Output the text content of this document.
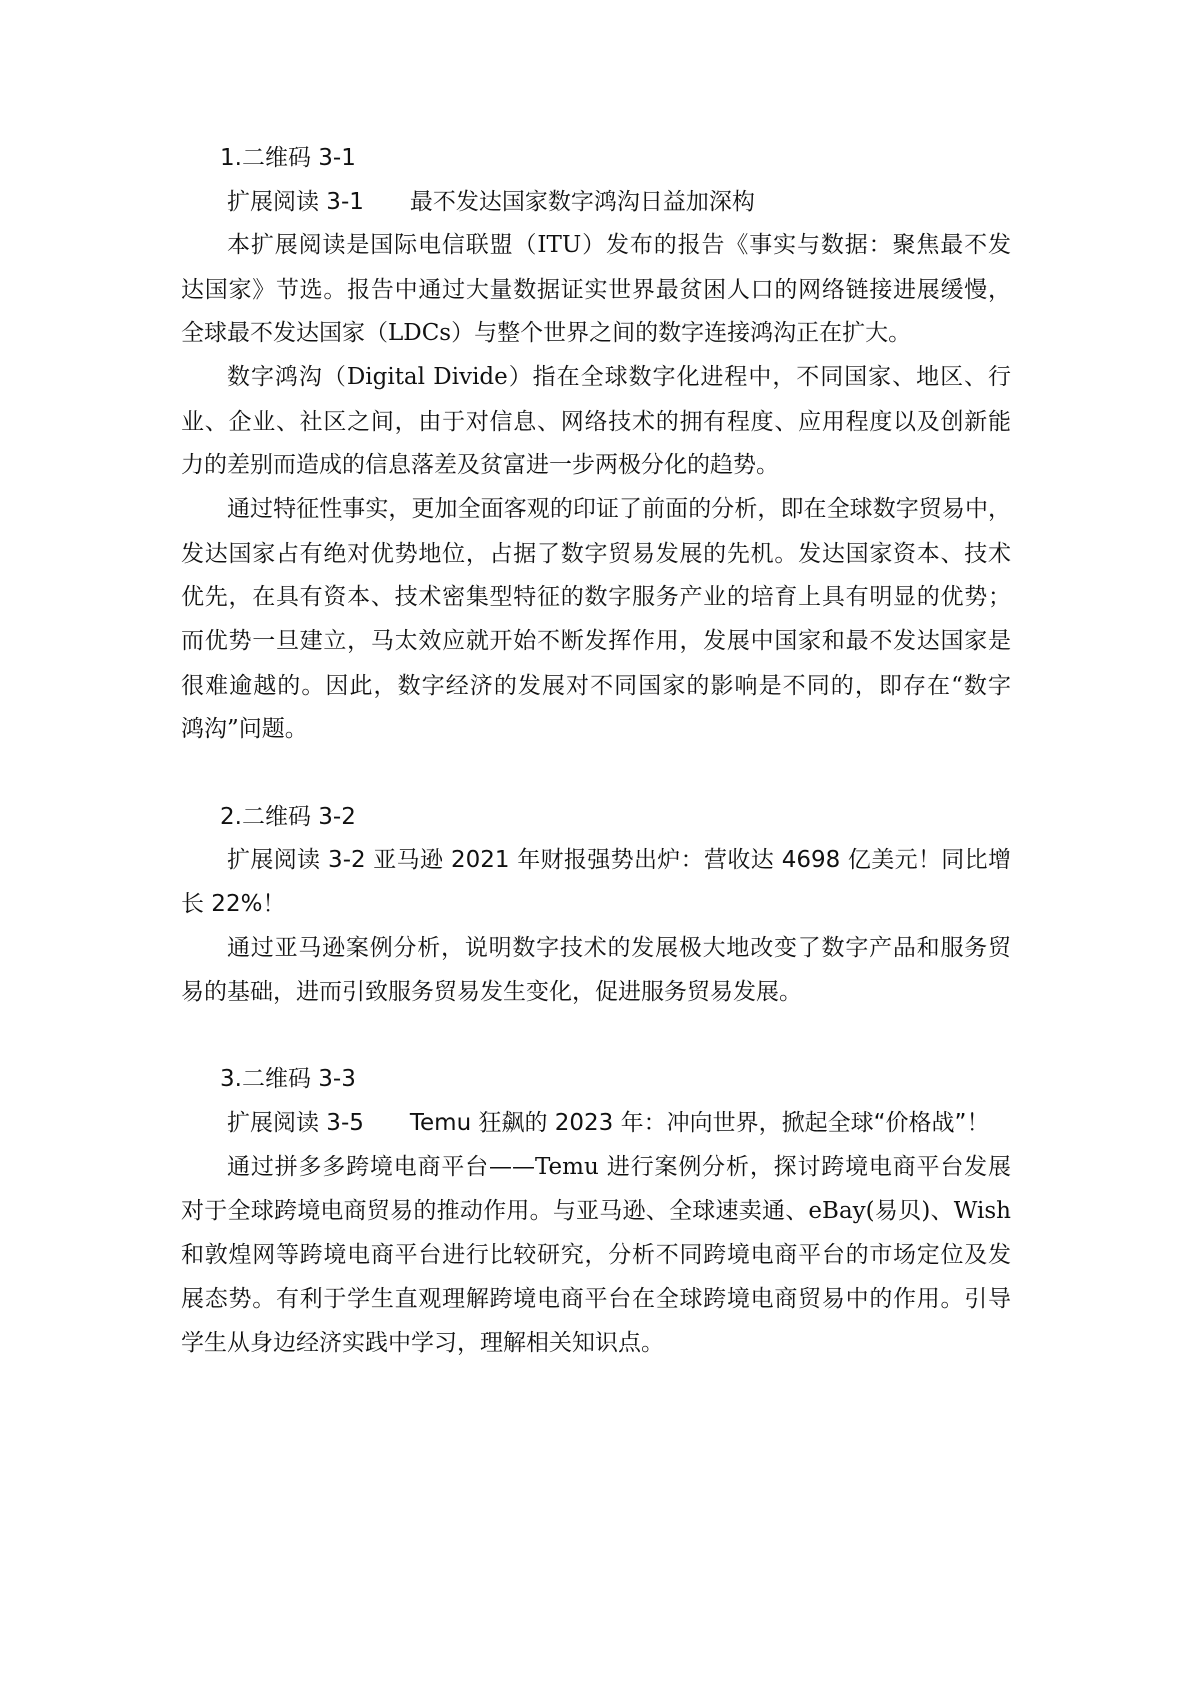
1.二维码 3-1
扩展阅读 3-1　　最不发达国家数字鸿沟日益加深构
本扩展阅读是国际电信联盟（ITU）发布的报告《事实与数据：聚焦最不发
达国家》节选。报告中通过大量数据证实世界最贫困人口的网络链接进展缓慢，
全球最不发达国家（LDCs）与整个世界之间的数字连接鸿沟正在扩大。
数字鸿沟（Digital Divide）指在全球数字化进程中，不同国家、地区、行
业、企业、社区之间，由于对信息、网络技术的拥有程度、应用程度以及创新能
力的差别而造成的信息落差及贫富进一步两极分化的趋势。
通过特征性事实，更加全面客观的印证了前面的分析，即在全球数字贸易中，
发达国家占有绝对优势地位，占据了数字贸易发展的先机。发达国家资本、技术
优先，在具有资本、技术密集型特征的数字服务产业的培育上具有明显的优势；
而优势一旦建立，马太效应就开始不断发挥作用，发展中国家和最不发达国家是
很难逾越的。因此，数字经济的发展对不同国家的影响是不同的，即存在“数字
鸿沟”问题。
2.二维码 3-2
扩展阅读 3-2 亚马逊 2021 年财报强势出炉：营收达 4698 亿美元！同比增
长 22%！
通过亚马逊案例分析，说明数字技术的发展极大地改变了数字产品和服务贸
易的基础，进而引致服务贸易发生变化，促进服务贸易发展。
3.二维码 3-3
扩展阅读 3-5　　Temu 狂飙的 2023 年：冲向世界，掀起全球“价格战”！
通过拼多多跨境电商平台——Temu 进行案例分析，探讨跨境电商平台发展
对于全球跨境电商贸易的推动作用。与亚马逊、全球速卖通、eBay(易贝)、Wish
和敦煌网等跨境电商平台进行比较研究，分析不同跨境电商平台的市场定位及发
展态势。有利于学生直观理解跨境电商平台在全球跨境电商贸易中的作用。引导
学生从身边经济实践中学习，理解相关知识点。
